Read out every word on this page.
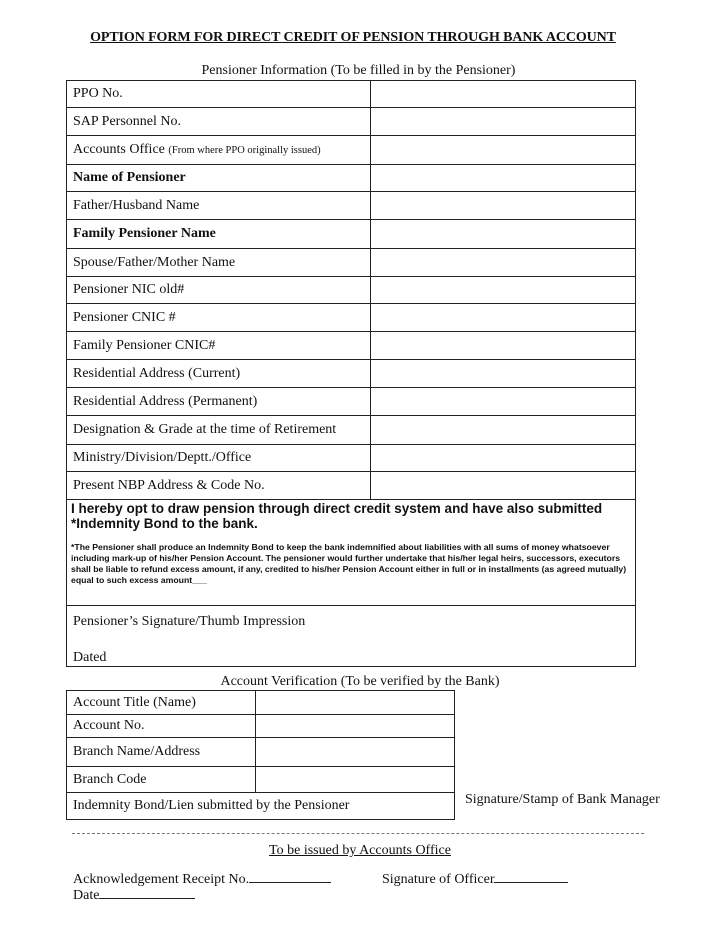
OPTION FORM FOR DIRECT CREDIT OF PENSION THROUGH BANK ACCOUNT
Pensioner Information (To be filled in by the Pensioner)
PPO No.	
SAP Personnel No.	
Accounts Office (From where PPO originally issued)	
Name of Pensioner	
Father/Husband Name	
Family Pensioner Name	
Spouse/Father/Mother Name	
Pensioner NIC old#	
Pensioner CNIC #	
Family Pensioner CNIC#	
Residential Address (Current)	
Residential Address (Permanent)	
Designation & Grade at the time of Retirement	
Ministry/Division/Deptt./Office	
Present NBP Address & Code No.	

I hereby opt to draw pension through direct credit system and have also submitted *Indemnity Bond to the bank.
*The Pensioner shall produce an Indemnity Bond to keep the bank indemnified about liabilities with all sums of money whatsoever including mark-up of his/her Pension Account. The pensioner would further undertake that his/her legal heirs, successors, executors shall be liable to refund excess amount, if any, credited to his/her Pension Account either in full or in installments (as agreed mutually) equal to such excess amount___	

Pensioner’s Signature/Thumb Impression
Dated	
Account Verification (To be verified by the Bank)
Account Title (Name)	
Account No.	
Branch Name/Address	
Branch Code	
Indemnity Bond/Lien submitted by the Pensioner		Signature/Stamp of Bank Manager
To be issued by Accounts Office
Acknowledgement Receipt No.	Signature of Officer
Date
